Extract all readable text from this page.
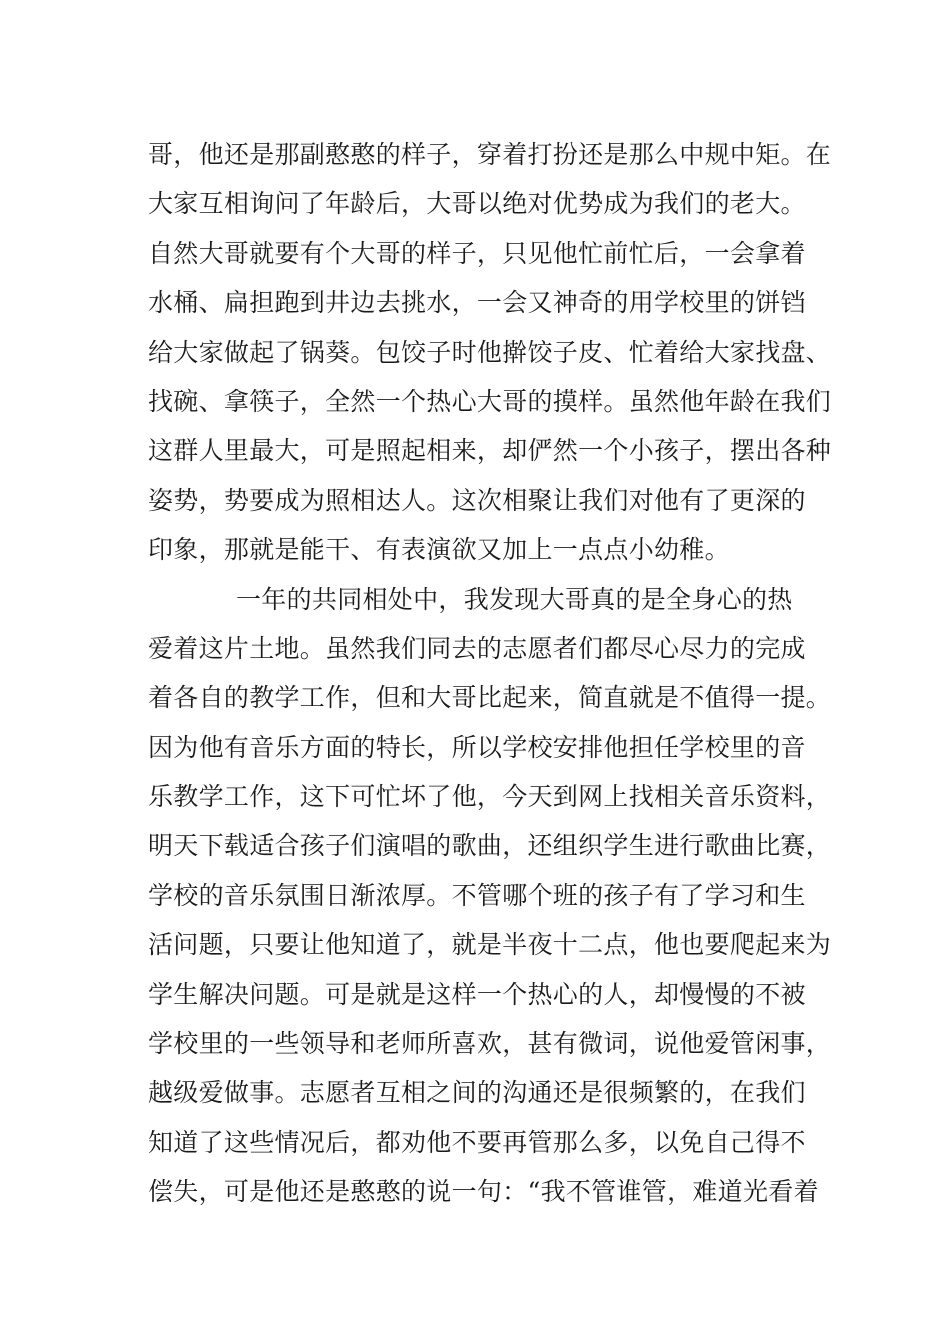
哥，他还是那副憨憨的样子，穿着打扮还是那么中规中矩。在
大家互相询问了年龄后，大哥以绝对优势成为我们的老大。
自然大哥就要有个大哥的样子，只见他忙前忙后，一会拿着
水桶、扁担跑到井边去挑水，一会又神奇的用学校里的饼铛
给大家做起了锅葵。包饺子时他擀饺子皮、忙着给大家找盘、
找碗、拿筷子，全然一个热心大哥的摸样。虽然他年龄在我们
这群人里最大，可是照起相来，却俨然一个小孩子，摆出各种
姿势，势要成为照相达人。这次相聚让我们对他有了更深的
印象，那就是能干、有表演欲又加上一点点小幼稚。
一年的共同相处中，我发现大哥真的是全身心的热
爱着这片土地。虽然我们同去的志愿者们都尽心尽力的完成
着各自的教学工作，但和大哥比起来，简直就是不值得一提。
因为他有音乐方面的特长，所以学校安排他担任学校里的音
乐教学工作，这下可忙坏了他，今天到网上找相关音乐资料，
明天下载适合孩子们演唱的歌曲，还组织学生进行歌曲比赛，
学校的音乐氛围日渐浓厚。不管哪个班的孩子有了学习和生
活问题，只要让他知道了，就是半夜十二点，他也要爬起来为
学生解决问题。可是就是这样一个热心的人，却慢慢的不被
学校里的一些领导和老师所喜欢，甚有微词，说他爱管闲事，
越级爱做事。志愿者互相之间的沟通还是很频繁的，在我们
知道了这些情况后，都劝他不要再管那么多，以免自己得不
偿失，可是他还是憨憨的说一句：“我不管谁管，难道光看着
